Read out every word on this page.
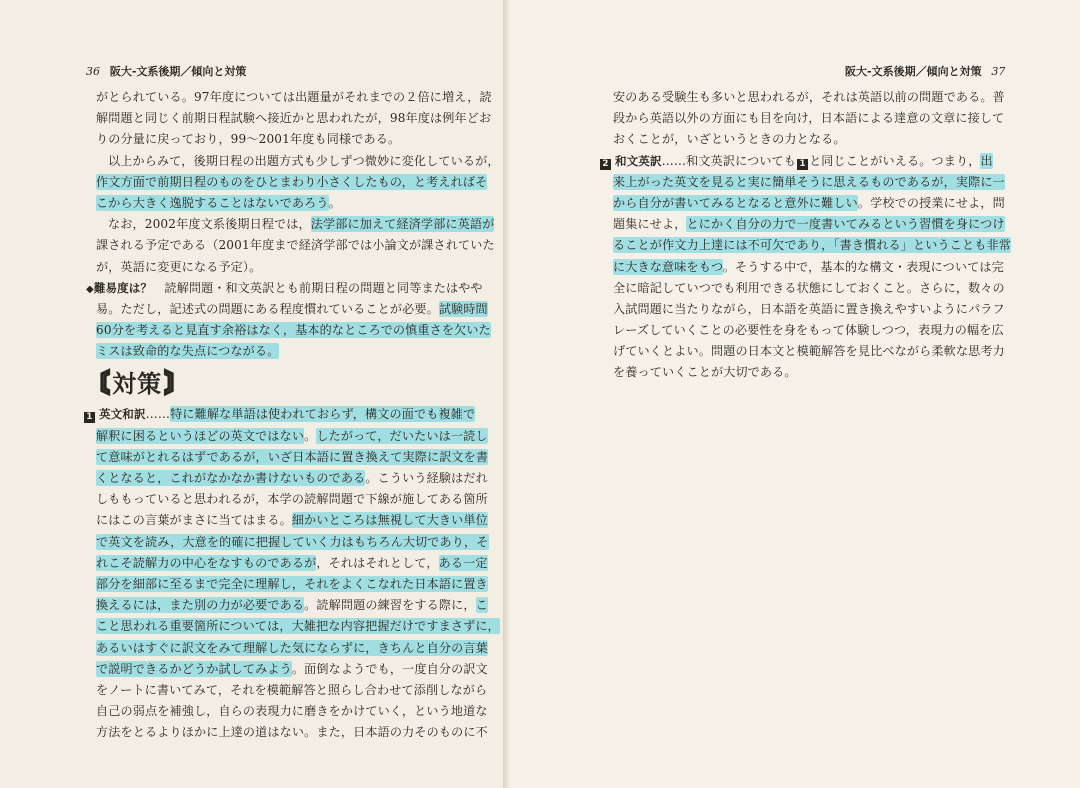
36 阪大-文系後期／傾向と対策
がとられている。97年度については出題量がそれまでの２倍に増え，読
解問題と同じく前期日程試験へ接近かと思われたが，98年度は例年どお
りの分量に戻っており，99〜2001年度も同様である。
以上からみて，後期日程の出題方式も少しずつ微妙に変化しているが，
作文方面で前期日程のものをひとまわり小さくしたもの，と考えればそ
こから大きく逸脱することはないであろう。
なお，2002年度文系後期日程では，法学部に加えて経済学部に英語が
課される予定である（2001年度まで経済学部では小論文が課されていた
が，英語に変更になる予定）。
◆難易度は？　読解問題・和文英訳とも前期日程の問題と同等またはやや
易。ただし，記述式の問題にある程度慣れていることが必要。試験時間
60分を考えると見直す余裕はなく，基本的なところでの慎重さを欠いた
ミスは致命的な失点につながる。
〘 対策 〙
1 英文和訳……特に難解な単語は使われておらず，構文の面でも複雑で
解釈に困るというほどの英文ではない。したがって，だいたいは一読し
て意味がとれるはずであるが，いざ日本語に置き換えて実際に訳文を書
くとなると，これがなかなか書けないものである。こういう経験はだれ
しももっていると思われるが，本学の読解問題で下線が施してある箇所
にはこの言葉がまさに当てはまる。細かいところは無視して大きい単位
で英文を読み，大意を的確に把握していく力はもちろん大切であり，そ
れこそ読解力の中心をなすものであるが，それはそれとして，ある一定
部分を細部に至るまで完全に理解し，それをよくこなれた日本語に置き
換えるには，また別の力が必要である。読解問題の練習をする際に，こ
こと思われる重要箇所については，大雑把な内容把握だけですまさずに，
あるいはすぐに訳文をみて理解した気にならずに，きちんと自分の言葉
で説明できるかどうか試してみよう。面倒なようでも，一度自分の訳文
をノートに書いてみて，それを模範解答と照らし合わせて添削しながら
自己の弱点を補強し，自らの表現力に磨きをかけていく，という地道な
方法をとるよりほかに上達の道はない。また，日本語の力そのものに不
阪大-文系後期／傾向と対策 37
安のある受験生も多いと思われるが，それは英語以前の問題である。普
段から英語以外の方面にも目を向け，日本語による達意の文章に接して
おくことが，いざというときの力となる。
2 和文英訳……和文英訳についても 1 と同じことがいえる。つまり，出
来上がった英文を見ると実に簡単そうに思えるものであるが，実際に一
から自分が書いてみるとなると意外に難しい。学校での授業にせよ，問
題集にせよ，とにかく自分の力で一度書いてみるという習慣を身につけ
ることが作文力上達には不可欠であり，「書き慣れる」ということも非常
に大きな意味をもつ。そうする中で，基本的な構文・表現については完
全に暗記していつでも利用できる状態にしておくこと。さらに，数々の
入試問題に当たりながら，日本語を英語に置き換えやすいようにパラフ
レーズしていくことの必要性を身をもって体験しつつ，表現力の幅を広
げていくとよい。問題の日本文と模範解答を見比べながら柔軟な思考力
を養っていくことが大切である。
